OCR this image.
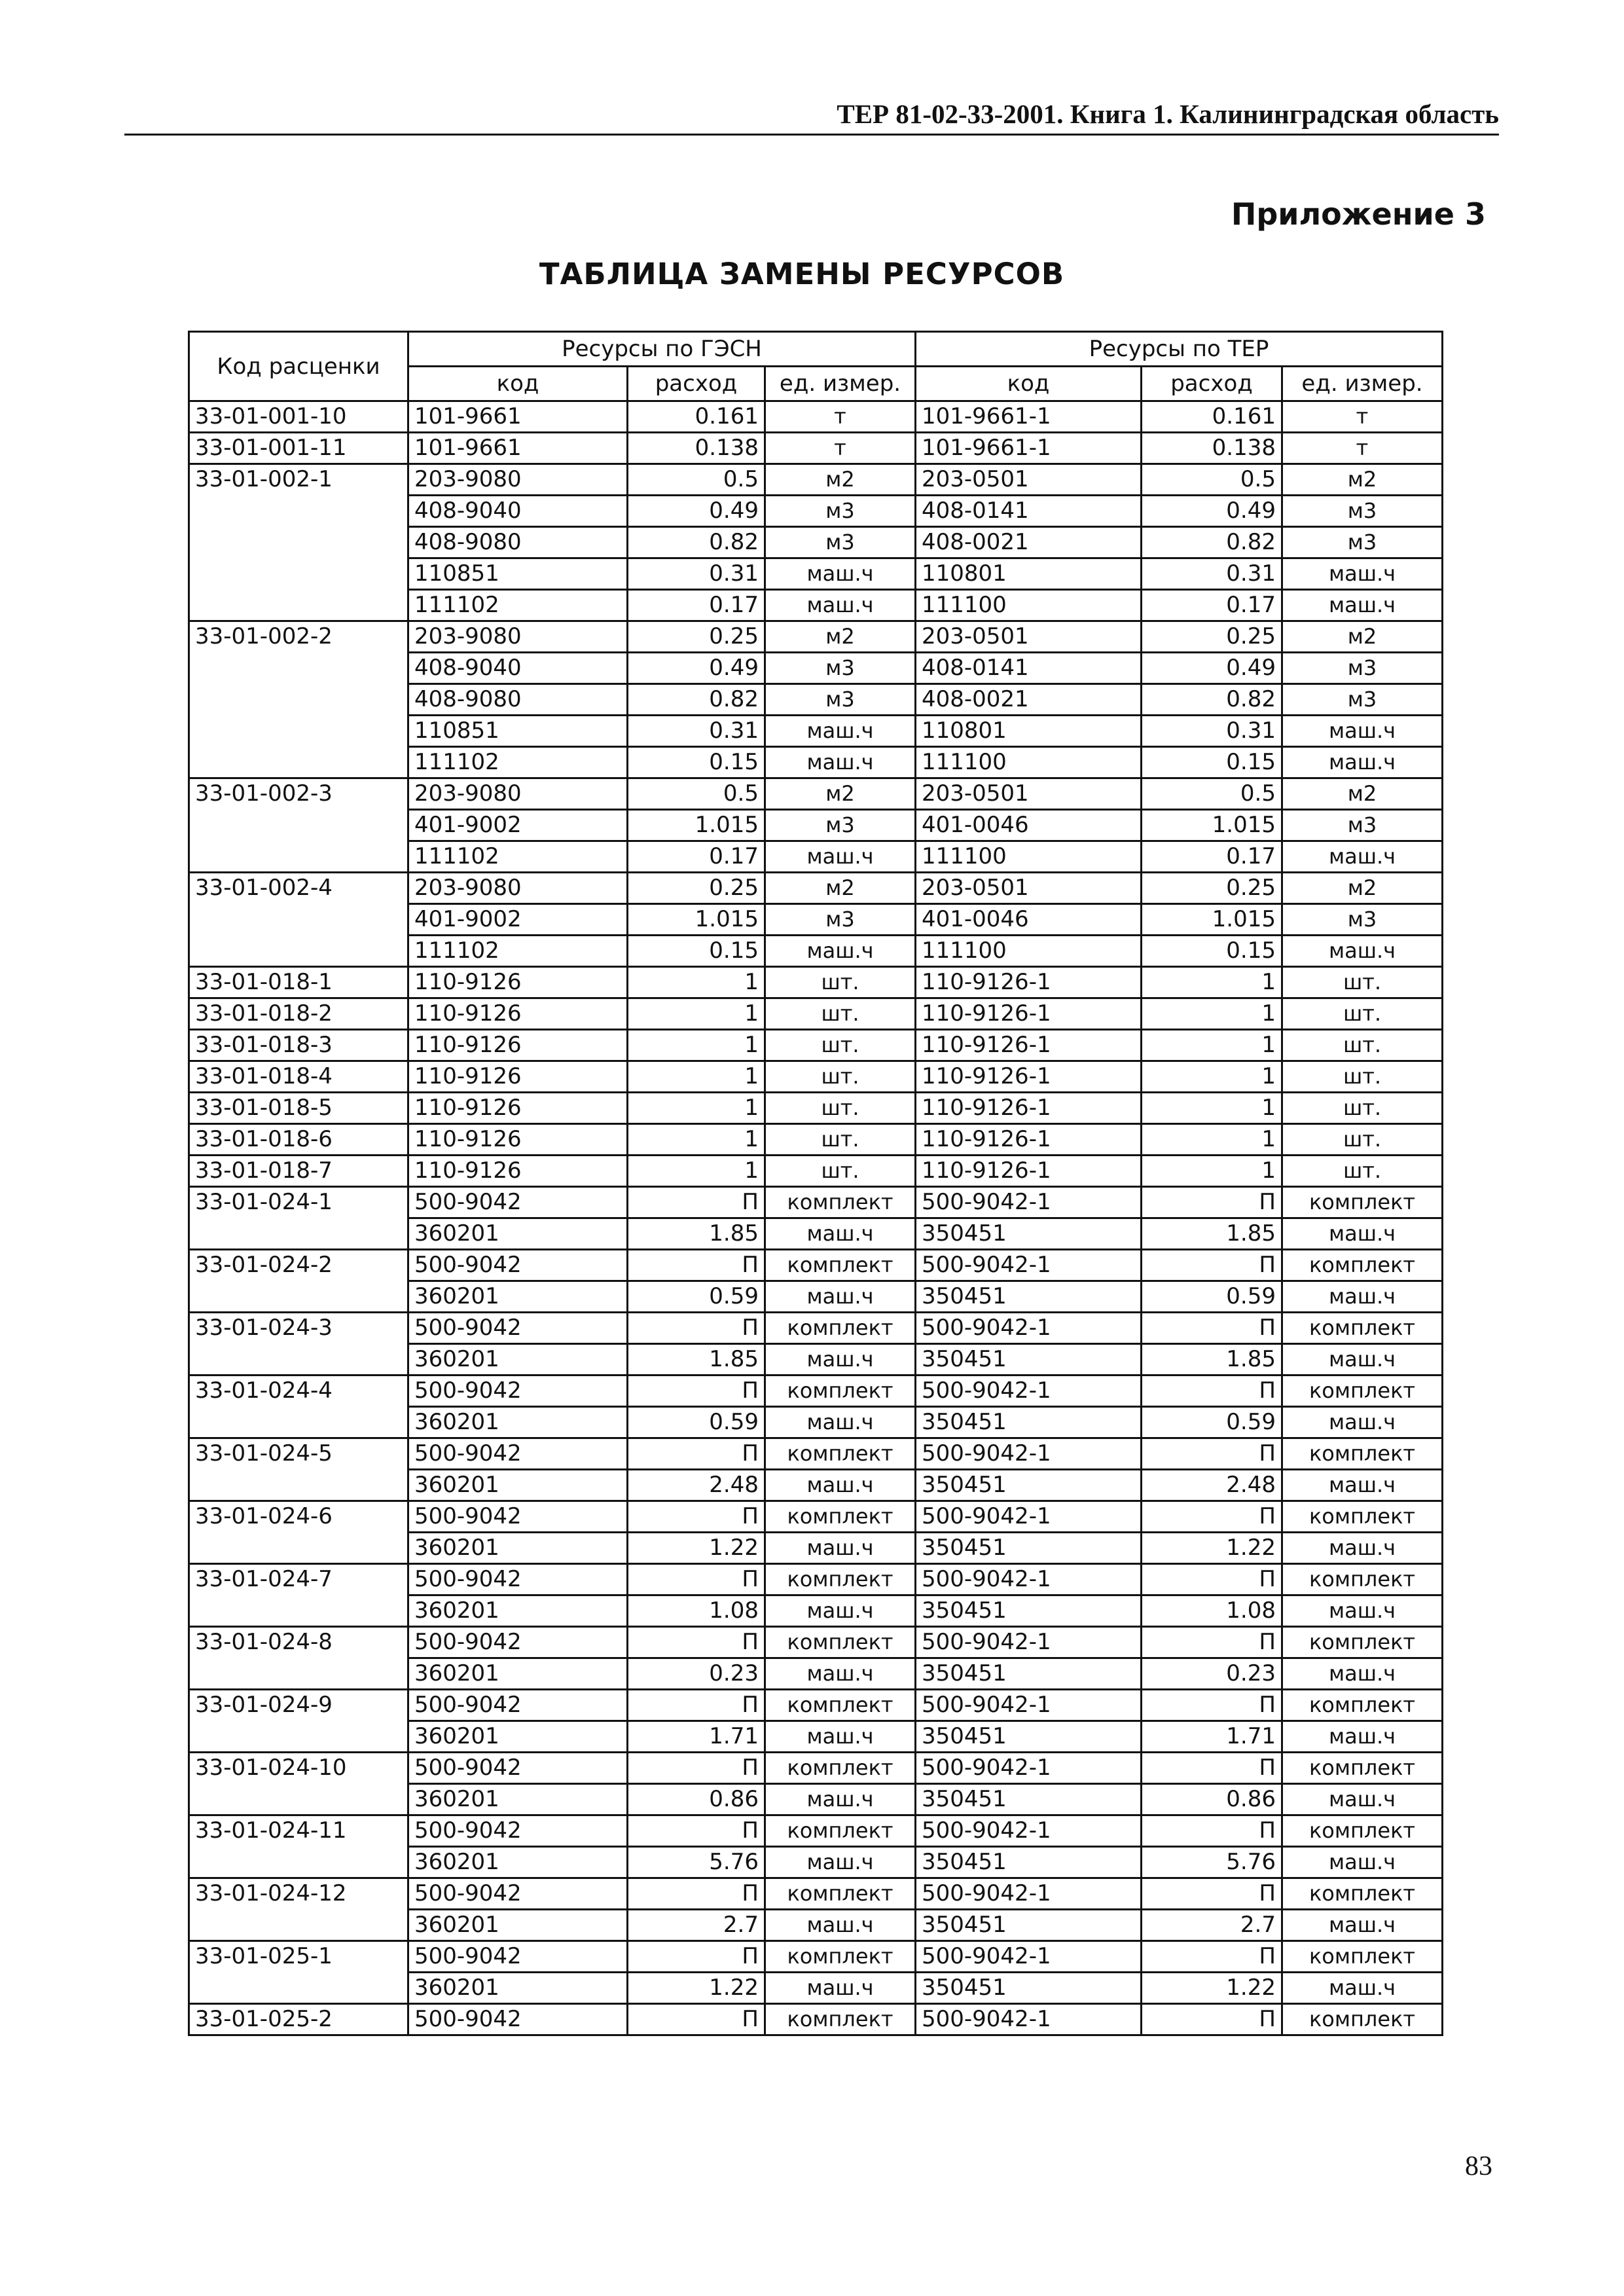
ТЕР 81-02-33-2001. Книга 1. Калининградская область
Приложение 3
ТАБЛИЦА ЗАМЕНЫ РЕСУРСОВ
Код расценки	Ресурсы по ГЭСН			Ресурсы по ТЕР		
	код	расход	ед. измер.	код	расход	ед. измер.
33-01-001-10	101-9661	0.161	т	101-9661-1	0.161	т
33-01-001-11	101-9661	0.138	т	101-9661-1	0.138	т
33-01-002-1	203-9080	0.5	м2	203-0501	0.5	м2
	408-9040	0.49	м3	408-0141	0.49	м3
	408-9080	0.82	м3	408-0021	0.82	м3
	110851	0.31	маш.ч	110801	0.31	маш.ч
	111102	0.17	маш.ч	111100	0.17	маш.ч
33-01-002-2	203-9080	0.25	м2	203-0501	0.25	м2
	408-9040	0.49	м3	408-0141	0.49	м3
	408-9080	0.82	м3	408-0021	0.82	м3
	110851	0.31	маш.ч	110801	0.31	маш.ч
	111102	0.15	маш.ч	111100	0.15	маш.ч
33-01-002-3	203-9080	0.5	м2	203-0501	0.5	м2
	401-9002	1.015	м3	401-0046	1.015	м3
	111102	0.17	маш.ч	111100	0.17	маш.ч
33-01-002-4	203-9080	0.25	м2	203-0501	0.25	м2
	401-9002	1.015	м3	401-0046	1.015	м3
	111102	0.15	маш.ч	111100	0.15	маш.ч
33-01-018-1	110-9126	1	шт.	110-9126-1	1	шт.
33-01-018-2	110-9126	1	шт.	110-9126-1	1	шт.
33-01-018-3	110-9126	1	шт.	110-9126-1	1	шт.
33-01-018-4	110-9126	1	шт.	110-9126-1	1	шт.
33-01-018-5	110-9126	1	шт.	110-9126-1	1	шт.
33-01-018-6	110-9126	1	шт.	110-9126-1	1	шт.
33-01-018-7	110-9126	1	шт.	110-9126-1	1	шт.
33-01-024-1	500-9042	П	комплект	500-9042-1	П	комплект
	360201	1.85	маш.ч	350451	1.85	маш.ч
33-01-024-2	500-9042	П	комплект	500-9042-1	П	комплект
	360201	0.59	маш.ч	350451	0.59	маш.ч
33-01-024-3	500-9042	П	комплект	500-9042-1	П	комплект
	360201	1.85	маш.ч	350451	1.85	маш.ч
33-01-024-4	500-9042	П	комплект	500-9042-1	П	комплект
	360201	0.59	маш.ч	350451	0.59	маш.ч
33-01-024-5	500-9042	П	комплект	500-9042-1	П	комплект
	360201	2.48	маш.ч	350451	2.48	маш.ч
33-01-024-6	500-9042	П	комплект	500-9042-1	П	комплект
	360201	1.22	маш.ч	350451	1.22	маш.ч
33-01-024-7	500-9042	П	комплект	500-9042-1	П	комплект
	360201	1.08	маш.ч	350451	1.08	маш.ч
33-01-024-8	500-9042	П	комплект	500-9042-1	П	комплект
	360201	0.23	маш.ч	350451	0.23	маш.ч
33-01-024-9	500-9042	П	комплект	500-9042-1	П	комплект
	360201	1.71	маш.ч	350451	1.71	маш.ч
33-01-024-10	500-9042	П	комплект	500-9042-1	П	комплект
	360201	0.86	маш.ч	350451	0.86	маш.ч
33-01-024-11	500-9042	П	комплект	500-9042-1	П	комплект
	360201	5.76	маш.ч	350451	5.76	маш.ч
33-01-024-12	500-9042	П	комплект	500-9042-1	П	комплект
	360201	2.7	маш.ч	350451	2.7	маш.ч
33-01-025-1	500-9042	П	комплект	500-9042-1	П	комплект
	360201	1.22	маш.ч	350451	1.22	маш.ч
33-01-025-2	500-9042	П	комплект	500-9042-1	П	комплект
83
